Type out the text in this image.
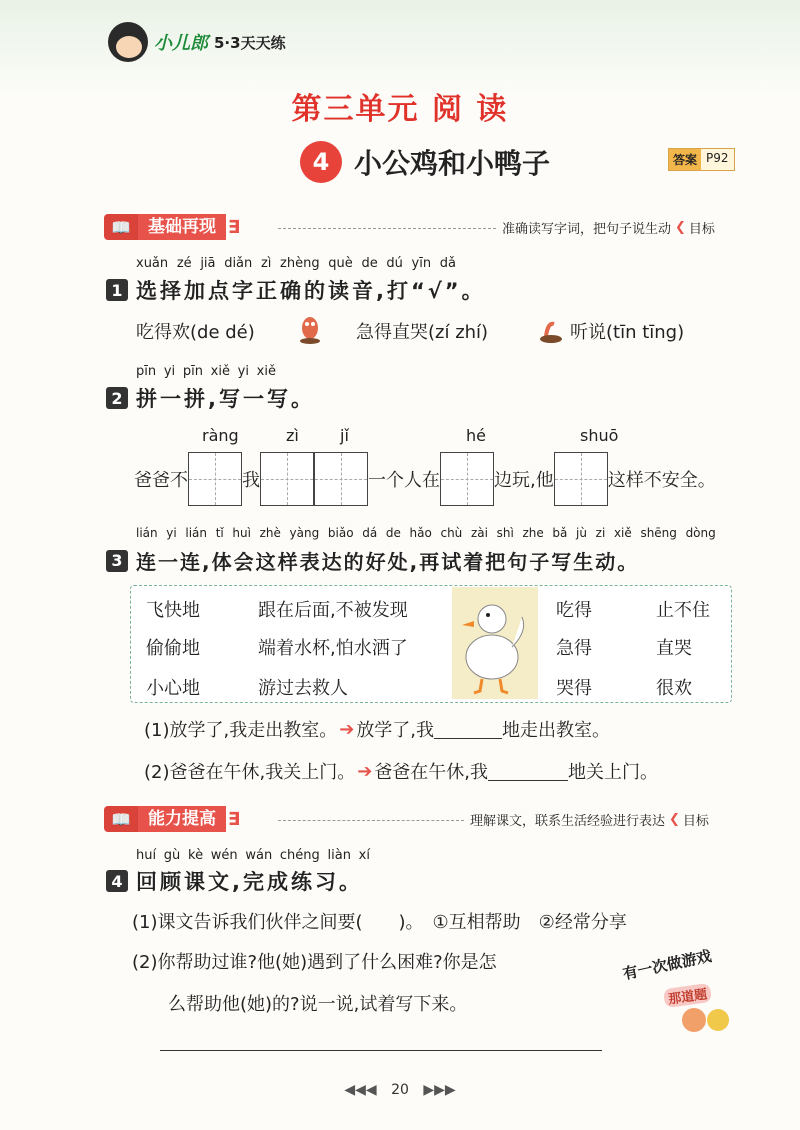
小儿郎 5·3天天练
第三单元 阅 读
4 小公鸡和小鸭子	答案 P92
📖	基础再现 ∃	准确读写字词，把句子说生动 ❮ 目标
xuǎn zé jiā diǎn zì zhèng què de dú yīn dǎ
1 选择加点字正确的读音,打“√”。
吃得欢(de dé)	急得直哭(zí zhí)	听说(tīn tīng)
pīn yi pīn xiě yi xiě
2 拼一拼,写一写。
ràng	zì	jǐ	hé	shuō
爸爸不	我	一个人在	边玩,他	这样不安全。
lián yi lián tǐ huì zhè yàng biǎo dá de hǎo chù zài shì zhe bǎ jù zi xiě shēng dòng
3 连一连,体会这样表达的好处,再试着把句子写生动。
飞快地
偷偷地
小心地
跟在后面,不被发现
端着水杯,怕水洒了
游过去救人
吃得
急得
哭得
止不住
直哭
很欢
(1)放学了,我走出教室。 ➔ 放学了,我	地走出教室。
(2)爸爸在午休,我关上门。 ➔ 爸爸在午休,我	地关上门。
📖	能力提高 ∃	理解课文，联系生活经验进行表达 ❮ 目标
huí gù kè wén wán chéng liàn xí
4 回顾课文,完成练习。
(1)课文告诉我们伙伴之间要(　　)。　①互相帮助　②经常分享
(2)你帮助过谁?他(她)遇到了什么困难?你是怎
么帮助他(她)的?说一说,试着写下来。
有一次做游戏
那道题
◀◀◀ 20 ▶▶▶
